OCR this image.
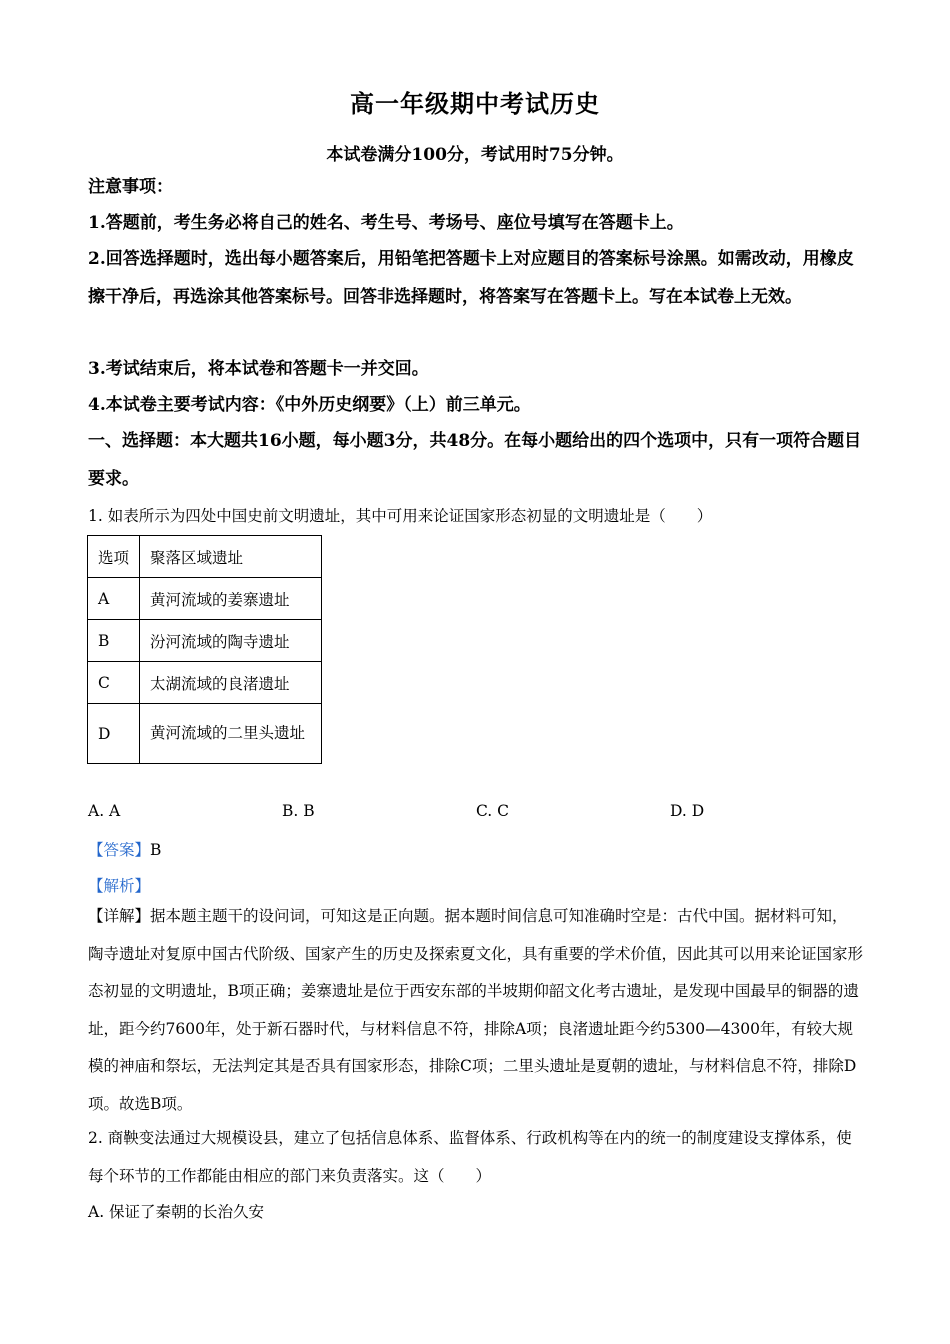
高一年级期中考试历史
本试卷满分100分，考试用时75分钟。
注意事项：
1.答题前，考生务必将自己的姓名、考生号、考场号、座位号填写在答题卡上。
2.回答选择题时，选出每小题答案后，用铅笔把答题卡上对应题目的答案标号涂黑。如需改动，用橡皮擦干净后，再选涂其他答案标号。回答非选择题时，将答案写在答题卡上。写在本试卷上无效。
3.考试结束后，将本试卷和答题卡一并交回。
4.本试卷主要考试内容：《中外历史纲要》（上）前三单元。
一、选择题：本大题共16小题，每小题3分，共48分。在每小题给出的四个选项中，只有一项符合题目要求。
1. 如表所示为四处中国史前文明遗址，其中可用来论证国家形态初显的文明遗址是（　　）
选项	聚落区域遗址
A	黄河流域的姜寨遗址
B	汾河流域的陶寺遗址
C	太湖流域的良渚遗址
D	黄河流域的二里头遗址
A. A	B. B	C. C	D. D
【答案】B
【解析】
【详解】据本题主题干的设问词，可知这是正向题。据本题时间信息可知准确时空是：古代中国。据材料可知，陶寺遗址对复原中国古代阶级、国家产生的历史及探索夏文化，具有重要的学术价值，因此其可以用来论证国家形态初显的文明遗址，B项正确；姜寨遗址是位于西安东部的半坡期仰韶文化考古遗址，是发现中国最早的铜器的遗址，距今约7600年，处于新石器时代，与材料信息不符，排除A项；良渚遗址距今约5300—4300年，有较大规模的神庙和祭坛，无法判定其是否具有国家形态，排除C项；二里头遗址是夏朝的遗址，与材料信息不符，排除D项。故选B项。
2. 商鞅变法通过大规模设县，建立了包括信息体系、监督体系、行政机构等在内的统一的制度建设支撑体系，使每个环节的工作都能由相应的部门来负责落实。这（　　）
A. 保证了秦朝的长治久安
